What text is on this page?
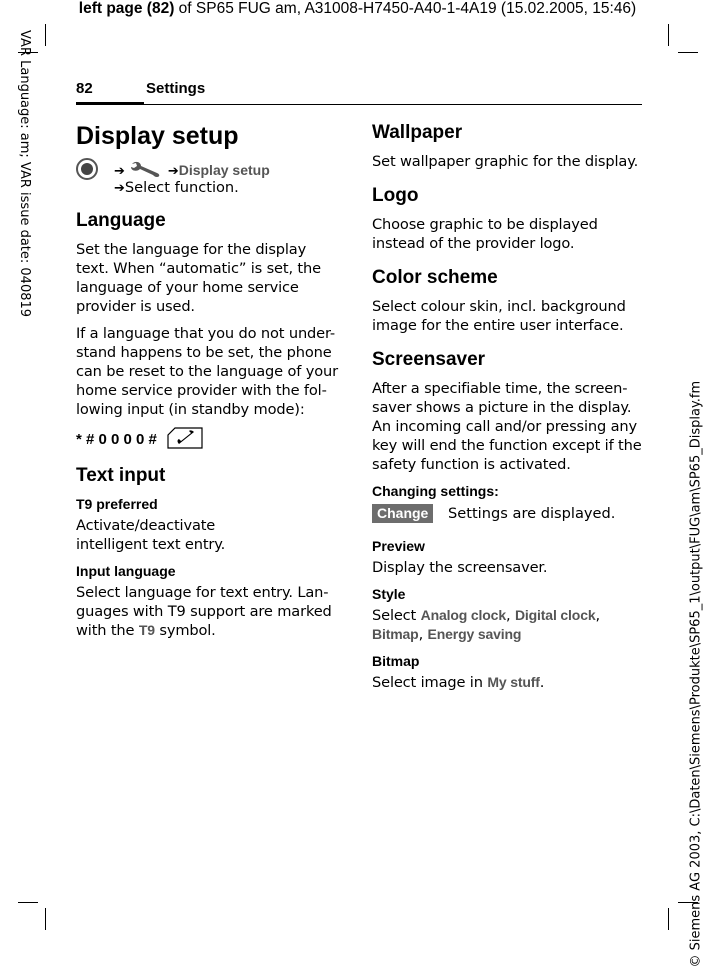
left page (82) of SP65 FUG am, A31008-H7450-A40-1-4A19 (15.02.2005, 15:46)
VAR Language: am; VAR issue date: 040819
© Siemens AG 2003, C:\Daten\Siemens\Produkte\SP65_1\output\FUG\am\SP65_Display.fm
82	Settings
Display setup
➔	➔Display setup
➔Select function.
Language
Set the language for the display text. When “automatic” is set, the language of your home service provider is used.
If a language that you do not under-stand happens to be set, the phone can be reset to the language of your home service provider with the fol-lowing input (in standby mode):
* # 0 0 0 0 #
Text input
T9 preferred
Activate/deactivate intelligent text entry.
Input language
Select language for text entry. Lan-guages with T9 support are marked with the T9 symbol.
Wallpaper
Set wallpaper graphic for the display.
Logo
Choose graphic to be displayed instead of the provider logo.
Color scheme
Select colour skin, incl. background image for the entire user interface.
Screensaver
After a specifiable time, the screen-saver shows a picture in the display. An incoming call and/or pressing any key will end the function except if the safety function is activated.
Changing settings:
Change	Settings are displayed.
Preview
Display the screensaver.
Style
Select Analog clock, Digital clock,
Bitmap, Energy saving
Bitmap
Select image in My stuff.
